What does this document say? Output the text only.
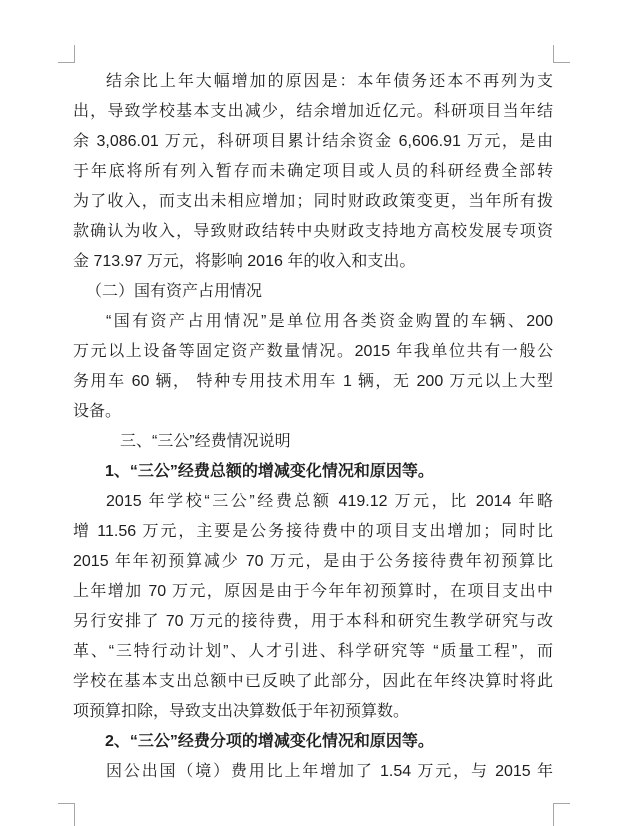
结余比上年大幅增加的原因是：本年债务还本不再列为支
出，导致学校基本支出减少，结余增加近亿元。科研项目当年结
余 3,086.01 万元，科研项目累计结余资金 6,606.91 万元，是由
于年底将所有列入暂存而未确定项目或人员的科研经费全部转
为了收入，而支出未相应增加；同时财政政策变更，当年所有拨
款确认为收入，导致财政结转中央财政支持地方高校发展专项资
金 713.97 万元，将影响 2016 年的收入和支出。
（二）国有资产占用情况
“国有资产占用情况”是单位用各类资金购置的车辆、200
万元以上设备等固定资产数量情况。2015 年我单位共有一般公
务用车 60 辆， 特种专用技术用车 1 辆，无 200 万元以上大型
设备。
三、“三公”经费情况说明
1、“三公”经费总额的增减变化情况和原因等。
2015 年学校“三公”经费总额 419.12 万元，比 2014 年略
增 11.56 万元，主要是公务接待费中的项目支出增加；同时比
2015 年年初预算减少 70 万元，是由于公务接待费年初预算比
上年增加 70 万元，原因是由于今年年初预算时，在项目支出中
另行安排了 70 万元的接待费，用于本科和研究生教学研究与改
革、“三特行动计划”、人才引进、科学研究等 “质量工程”，而
学校在基本支出总额中已反映了此部分，因此在年终决算时将此
项预算扣除，导致支出决算数低于年初预算数。
2、“三公”经费分项的增减变化情况和原因等。
因公出国（境）费用比上年增加了 1.54 万元，与 2015 年
